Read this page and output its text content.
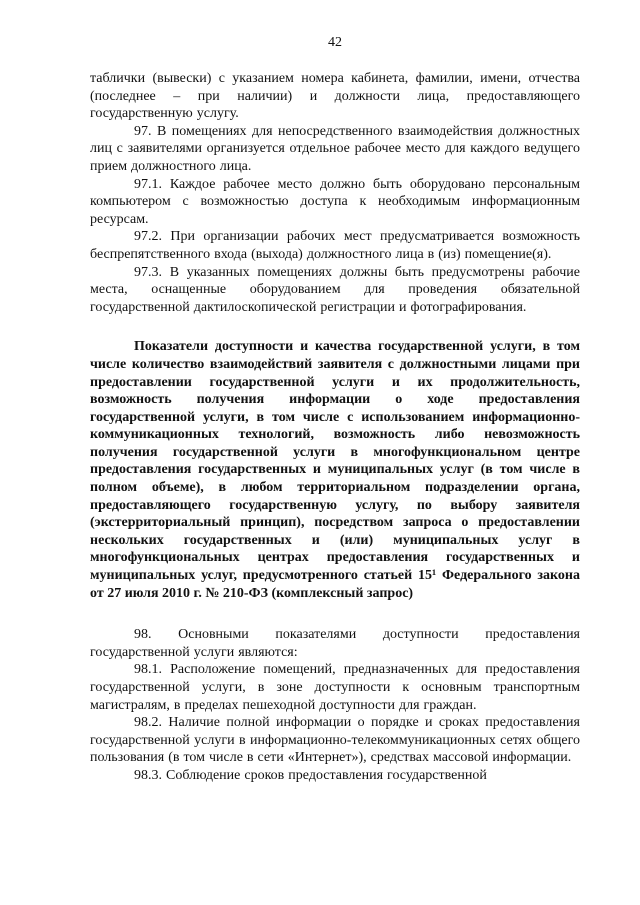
42

таблички (вывески) с указанием номера кабинета, фамилии, имени, отчества (последнее – при наличии) и должности лица, предоставляющего государственную услугу.

97. В помещениях для непосредственного взаимодействия должностных лиц с заявителями организуется отдельное рабочее место для каждого ведущего прием должностного лица.

97.1. Каждое рабочее место должно быть оборудовано персональным компьютером с возможностью доступа к необходимым информационным ресурсам.

97.2. При организации рабочих мест предусматривается возможность беспрепятственного входа (выхода) должностного лица в (из) помещение(я).

97.3. В указанных помещениях должны быть предусмотрены рабочие места, оснащенные оборудованием для проведения обязательной государственной дактилоскопической регистрации и фотографирования.

Показатели доступности и качества государственной услуги, в том числе количество взаимодействий заявителя с должностными лицами при предоставлении государственной услуги и их продолжительность, возможность получения информации о ходе предоставления государственной услуги, в том числе с использованием информационно-коммуникационных технологий, возможность либо невозможность получения государственной услуги в многофункциональном центре предоставления государственных и муниципальных услуг (в том числе в полном объеме), в любом территориальном подразделении органа, предоставляющего государственную услугу, по выбору заявителя (экстерриториальный принцип), посредством запроса о предоставлении нескольких государственных и (или) муниципальных услуг в многофункциональных центрах предоставления государственных и муниципальных услуг, предусмотренного статьей 15¹ Федерального закона от 27 июля 2010 г. № 210-ФЗ (комплексный запрос)

98. Основными показателями доступности предоставления государственной услуги являются:

98.1. Расположение помещений, предназначенных для предоставления государственной услуги, в зоне доступности к основным транспортным магистралям, в пределах пешеходной доступности для граждан.

98.2. Наличие полной информации о порядке и сроках предоставления государственной услуги в информационно-телекоммуникационных сетях общего пользования (в том числе в сети «Интернет»), средствах массовой информации.

98.3. Соблюдение сроков предоставления государственной
